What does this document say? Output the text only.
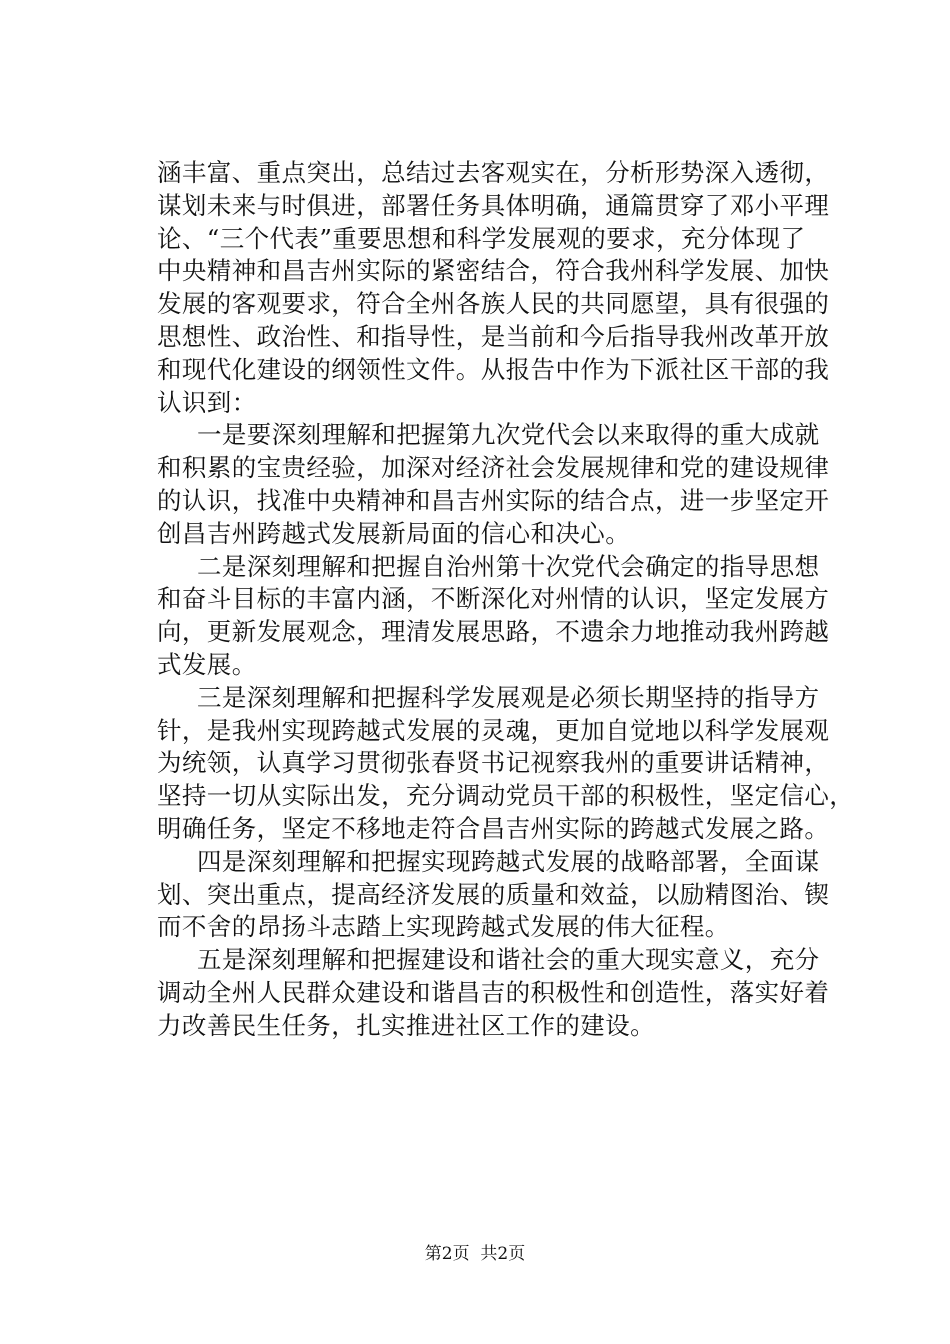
涵丰富、重点突出，总结过去客观实在，分析形势深入透彻，
谋划未来与时俱进，部署任务具体明确，通篇贯穿了邓小平理
论、“三个代表”重要思想和科学发展观的要求，充分体现了
中央精神和昌吉州实际的紧密结合，符合我州科学发展、加快
发展的客观要求，符合全州各族人民的共同愿望，具有很强的
思想性、政治性、和指导性，是当前和今后指导我州改革开放
和现代化建设的纲领性文件。从报告中作为下派社区干部的我
认识到：
一是要深刻理解和把握第九次党代会以来取得的重大成就
和积累的宝贵经验，加深对经济社会发展规律和党的建设规律
的认识，找准中央精神和昌吉州实际的结合点，进一步坚定开
创昌吉州跨越式发展新局面的信心和决心。
二是深刻理解和把握自治州第十次党代会确定的指导思想
和奋斗目标的丰富内涵，不断深化对州情的认识，坚定发展方
向，更新发展观念，理清发展思路，不遗余力地推动我州跨越
式发展。
三是深刻理解和把握科学发展观是必须长期坚持的指导方
针，是我州实现跨越式发展的灵魂，更加自觉地以科学发展观
为统领，认真学习贯彻张春贤书记视察我州的重要讲话精神，
坚持一切从实际出发，充分调动党员干部的积极性，坚定信心，
明确任务，坚定不移地走符合昌吉州实际的跨越式发展之路。
四是深刻理解和把握实现跨越式发展的战略部署，全面谋
划、突出重点，提高经济发展的质量和效益，以励精图治、锲
而不舍的昂扬斗志踏上实现跨越式发展的伟大征程。
五是深刻理解和把握建设和谐社会的重大现实意义，充分
调动全州人民群众建设和谐昌吉的积极性和创造性，落实好着
力改善民生任务，扎实推进社区工作的建设。
第2页  共2页
